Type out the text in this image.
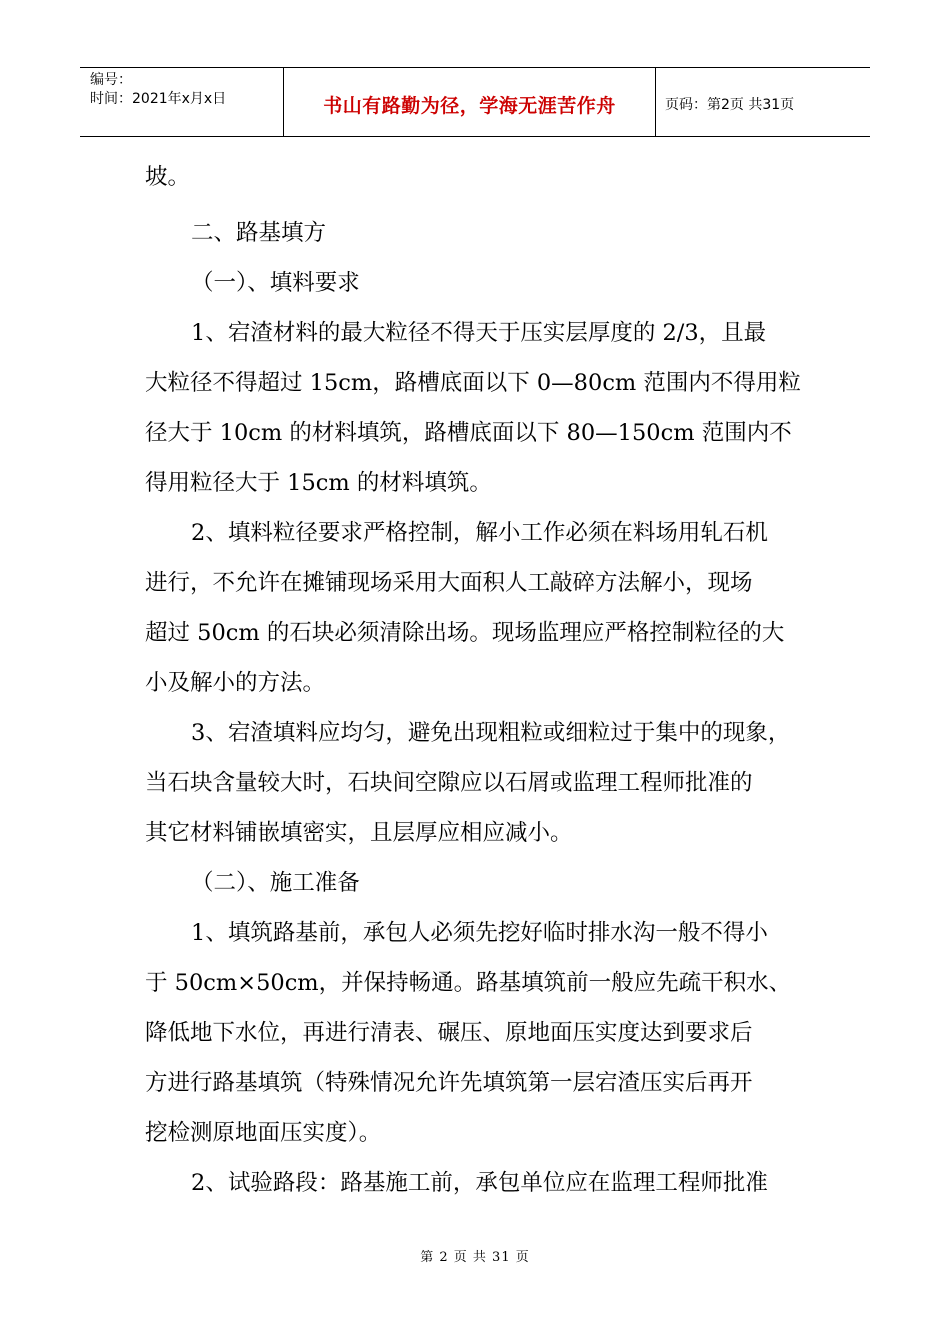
编号：
时间：2021年x月x日	书山有路勤为径，学海无涯苦作舟	页码：第2页 共31页
坡。
二、路基填方
（一）、填料要求
1、宕渣材料的最大粒径不得天于压实层厚度的 2/3，且最
大粒径不得超过 15cm，路槽底面以下 0—80cm 范围内不得用粒
径大于 10cm 的材料填筑，路槽底面以下 80—150cm 范围内不
得用粒径大于 15cm 的材料填筑。
2、填料粒径要求严格控制，解小工作必须在料场用轧石机
进行，不允许在摊铺现场采用大面积人工敲碎方法解小，现场
超过 50cm 的石块必须清除出场。现场监理应严格控制粒径的大
小及解小的方法。
3、宕渣填料应均匀，避免出现粗粒或细粒过于集中的现象，
当石块含量较大时，石块间空隙应以石屑或监理工程师批准的
其它材料铺嵌填密实，且层厚应相应减小。
（二）、施工准备
1、填筑路基前，承包人必须先挖好临时排水沟一般不得小
于 50cm×50cm，并保持畅通。路基填筑前一般应先疏干积水、
降低地下水位，再进行清表、碾压、原地面压实度达到要求后
方进行路基填筑（特殊情况允许先填筑第一层宕渣压实后再开
挖检测原地面压实度）。
2、试验路段：路基施工前，承包单位应在监理工程师批准
第 2 页 共 31 页
